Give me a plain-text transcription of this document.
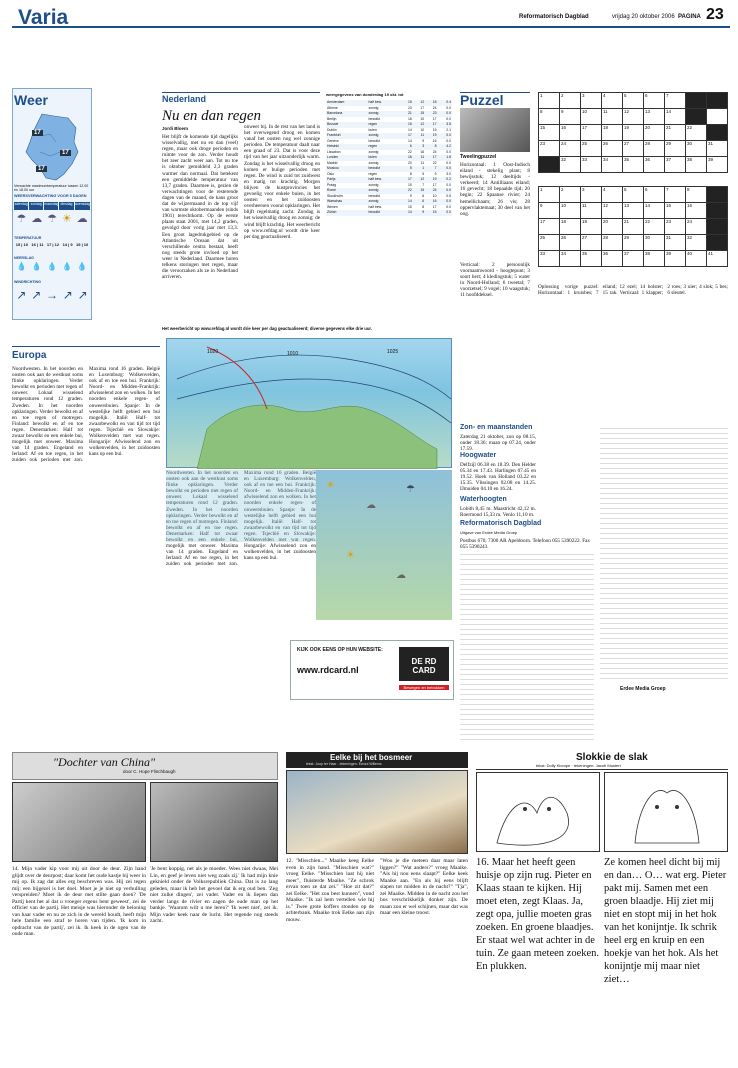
Varia	Reformatorisch Dagblad	vrijdag 20 oktober 2006 PAGINA 23
Weer
17
17
17
Verwachte maximumtemperatuur tussen 12.00 en 18.00 uur
WEERSVERWACHTING VOOR 5 DAGEN
zaterdag zondag maandag dinsdag woensdag
☂ ☁ ☂ ☀ ☁
TEMPERATUUR
15 | 10 16 | 11 17 | 12 14 | 9 15 | 10
NEERSLAG
💧 💧 💧 💧 💧
WINDRICHTING
↗ ↗ → ↗ ↗
Nederland
Nu en dan regen
Jordi Bloem
Het blijft de komende tijd dagelijks wisselvallig, met nu en dan (veel) regen, maar ook droge perioden en ruimte voor de zon. Verder houdt het zeer zacht weer aan. Tot nu toe is oktober gemiddeld 2,3 graden warmer dan normaal. Dat betekent een gemiddelde temperatuur van 13,7 graden. Daarmee is, gezien de verwachtingen voor de resterende dagen van de maand, de kans groot dat de wijzermaand in de top vijf van warmste oktobermaanden (sinds 1901) terechtkomt. Op de eerste plaats staat 2001, met 14,2 graden, gevolgd door vorig jaar met 13,3. Een groot lagedrukgebied op de Atlantische Oceaan dat uit verschillende centra bestaat, heeft nog steeds grote invloed op het weer in Nederland. Daarmee horen telkens storingen met regen, maar die veroorzaken als ze in Nederland arriveren.
onweer bij. In de rest van het land is het overwegend droog en komen vanaf het oosten nog wel zonnige perioden. De temperatuur daalt naar een graad of 23. Dat is voor deze tijd van het jaar uitzonderlijk warm. Zondag is het wisselvallig droog en komen er buiige perioden met regen. De wind is zuid tot zuidwest en matig tot krachtig. Morgen blijven de kustprovincies het gevoelig voor enkele buien, in het oosten en het zuidoosten overheersen vooral opklaringen. Het blijft regelmatig zacht. Zondag is het wisselvallig droog en zonnig; de wind blijft krachtig. Het weerbericht op www.refdag.nl wordt drie keer per dag geactualiseerd.
weergegevens van donderdag 19 okt. tot
Amsterdam	half bew.	15	12	18	0.4
Athene	zonnig	23	17	24	0.0
Barcelona	zonnig	21	15	23	0.0
Berlijn	bewolkt	16	10	17	0.0
Brussel	regen	15	12	17	3.5
Dublin	buien	14	10	15	2.1
Frankfurt	zonnig	17	11	19	0.0
Genève	bewolkt	14	9	16	0.0
Helsinki	regen	6	3	8	4.2
Lissabon	zonnig	22	16	24	0.0
Londen	buien	16	11	17	1.8
Madrid	zonnig	20	11	22	0.0
Moskou	bewolkt	5	1	7	0.0
Oslo	regen	8	5	9	3.0
Parijs	half bew.	17	12	19	0.2
Praag	zonnig	15	7	17	0.0
Rome	zonnig	22	15	24	0.0
Stockholm	bewolkt	9	6	10	0.5
Warschau	zonnig	14	6	16	0.0
Wenen	half bew.	15	8	17	0.0
Zürich	bewolkt	14	9	15	0.0
Het weerbericht op www.refdag.nl wordt drie keer per dag geactualiseerd; diverse gegevens elke drie uur.
Puzzel
Tweelingpuzzel
Horizontaal: 1 Oost-Indisch eiland - stekelig plant; 8 bewijsstuk; 12 deeltijds - verkeerd; 14 Antilliaans eiland; 16 gevecht; 18 bepaalde tijd; 20 begin; 22 Spaanse rivier; 24 hemellichaam; 26 vis; 28 oppervlaktemaat; 30 deel van het oog.
Verticaal: 2 persoonlijk voornaamwoord - hoogtepunt; 3 soort hert; 4 kledingstuk; 5 water in Noord-Holland; 6 tweetal; 7 voorzetsel; 9 vogel; 10 waagstuk; 11 hoofddeksel.
1	2	3	4	5	6	7		
8	9	10	11	12	13	14		
15	16	17	18	19	20	21	22	
23	24	25	26	27	28	29	30	31
	32	33	34	35	36	37	38	39
1	2	3	4	5	6	7	8	
9	10	11	12	13	14	15	16	
17	18	19	20	21	22	23	24	
25	26	27	28	29	30	31	32	
33	34	35	36	37	38	39	40	41
Oplossing vorige puzzel: Horizontaal: 1 kruisbes; 7 eiland; 12 ezel; 14 bolster; 15 tak. Verticaal: 1 klapper; 2 roes; 3 uier; 4 slok; 5 bes; 6 sleutel.
Europa
Noordwesten. In het noorden en oosten ook aan de westkust soms flinke opklaringen. Verder bewolkt en perioden met regen of onweer. Lokaal wisselend temperaturen rond 12 graden. Zweden. In het noorden opklaringen. Verder bewolkt en af en toe regen of motregen. Finland: bewolkt en af en toe regen. Denemarken: Half tot zwaar bewolkt en een enkele bui, mogelijk met onweer. Maxima van 14 graden. Engeland en Ierland: Af en toe regen, in het zuiden ook perioden met zon. Maxima rond 16 graden. België en Luxemburg: Wolkenvelden, ook af en toe een bui. Frankrijk: Noord- en Midden-Frankrijk: afwisselend zon en wolken. In het noorden enkele regen- of onweersbuien. Spanje: In de westelijke helft gebied een bui mogelijk. Italië: Half- tot zwaarbewolkt en van tijd tot tijd regen. Tsjechië en Slowakije: Wolkenvelden met wat regen. Hongarije: Afwisselend zon en wolkenvelden, in het zuidoosten kans op een bui.
Noordwesten. In het noorden en oosten ook aan de westkust soms flinke opklaringen. Verder bewolkt en perioden met regen of onweer. Lokaal wisselend temperaturen rond 12 graden. Zweden. In het noorden opklaringen. Verder bewolkt en af en toe regen of motregen. Finland: bewolkt en af en toe regen. Denemarken: Half tot zwaar bewolkt en een enkele bui, mogelijk met onweer. Maxima van 14 graden. Engeland en Ierland: Af en toe regen, in het zuiden ook perioden met zon. Maxima rond 16 graden. België en Luxemburg: Wolkenvelden, ook af en toe een bui. Frankrijk: Noord- en Midden-Frankrijk: afwisselend zon en wolken. In het noorden enkele regen- of onweersbuien. Spanje: In de westelijke helft gebied een bui mogelijk. Italië: Half- tot zwaarbewolkt en van tijd tot tijd regen. Tsjechië en Slowakije: Wolkenvelden met wat regen. Hongarije: Afwisselend zon en wolkenvelden, in het zuidoosten kans op een bui.
1020	1010	1025
☀
☁
☂
☀
☁
KIJK OOK EENS OP HUN WEBSITE:
www.rdcard.nl
DE RD CARD
Bewegen en betrokken
Zon- en maanstanden
Zaterdag 21 oktober, zon op 08.15, onder 18.36; maan op 07.24, onder 17.59.
Hoogwater
Delfzijl 06.38 en 18.39. Den Helder 05.34 en 17.43. Harlingen 07.45 en 19.52. Hoek van Holland 03.22 en 15.35. Vlissingen 02.08 en 14.25. IJmuiden 04.10 en 16.24.
Waterhoogten
Lobith 8,45 m. Maastricht 42,12 m. Roermond 15,33 m. Venlo 11,10 m.
Reformatorisch Dagblad
Uitgave van Erdee Media Groep
Postbus 670, 7300 AR Apeldoorn. Telefoon 055 5390222. Fax 055 5390243.
Erdee Media Groep
"Dochter van China"
door C. Hope Flinchbaugh
14. Mijn vader kip voor mij uit door de deur. Zijn hand glijdt over de deurpost; daar komt het oude kastje bij weer in mij op. Ik zag dat alles erg beschreven was. Hij zei tegen mij: een bijgezel is het doel. Moet je je niet op verhulling verspreiden? Moet ik de deur met stilte gaan doen? 'De Partij kent het al dat u vroeger ergens bent geweest', zei de officier van de partij. Het meisje was hieronder de beloning van haar vader en nu ze zich in de wereld houdt, heeft mijn hele familie een straf te horen van tijden. 'Ik kom in opdracht van de partij', zei ik. Ik keek in de ogen van de oude man.
'Je bent koppig, net als je moeder. Wees niet dwaas, Mei Lin, en geef je leven niet weg zoals zij.' Ik had mijn knie geknield onder de Volksrepubliek China. Dat is zo lang geleden, maar ik heb het gevoel dat ik erg oud ben. 'Zeg niet zulke dingen', zei vader. Vader en ik liepen dan verder langs de rivier en zagen de oude man op het bankje. 'Waarom wilt u me leren?' 'Ik weet niet', zei ik. Mijn vader keek naar de lucht. Het regende nog steeds zacht.
Eelke bij het bosmeer
tekst: Joop ter Haar - tekeningen: Ewout Willems
12. "Misschien..." Maaike keeg Eelke even in zijn hand. "Misschien wat?" vroeg Eelke. "Misschien laat hij niet meer", fluisterde Maaike. "Ze schrok ervan toen ze dat zei." "Hoe zit dat?" zei Eelke. "Het zou best kunnen", vond Maaike. "Ik zal hem vertellen wie hij is." Twee grote koffers stonden op de achterbank. Maaike trok Eelke aan zijn mouw.
"Wou je die meteen daar maar laten liggen?" "Wat anders?" vroeg Maaike. "Als hij nou eens slaapt?" Eelke keek Maaike aan. "En als hij eens blijft slapen tot midden in de nacht?" "Tja", zei Maaike. Midden in de nacht zou het bos verschrikkelijk donker zijn. De maan zou er wel schijnen, maar dat was maar een kleine troost.
Slokkie de slak
tekst: Dolly Klompe · tekeningen: Jacob Mostert
16. Maar het heeft geen huisje op zijn rug. Pieter en Klaas staan te kijken. Hij moet eten, zegt Klaas. Ja, zegt opa, jullie moeten gras zoeken. En groene blaadjes. Er staat wel wat achter in de tuin. Ze gaan meteen zoeken. En plukken.
Ze komen heel dicht bij mij en dan… O… wat erg. Pieter pakt mij. Samen met een groen blaadje. Hij ziet mij niet en stopt mij in het hok van het konijntje. Ik schrik heel erg en kruip en een hoekje van het hok. Als het konijntje mij maar niet ziet…
